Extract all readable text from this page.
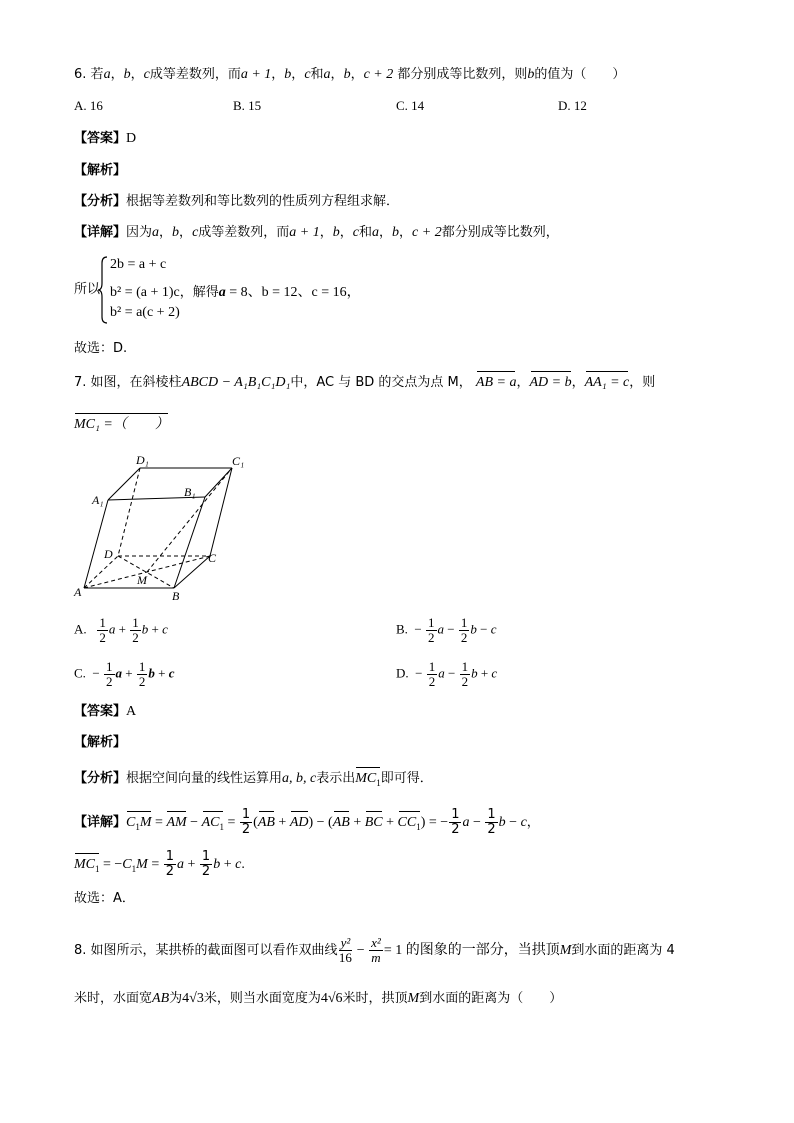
6. 若a，b，c成等差数列，而a + 1，b，c和a，b，c + 2 都分别成等比数列，则b的值为（　　）
A. 16	B. 15	C. 14	D. 12
【答案】D
【解析】
【分析】根据等差数列和等比数列的性质列方程组求解．
【详解】因为a，b，c成等差数列，而a + 1，b，c和a，b，c + 2都分别成等比数列，
所以
2b = a + c
b² = (a + 1)c，解得a = 8、b = 12、c = 16，
b² = a(c + 2)
故选：D.
7. 如图，在斜棱柱ABCD − A₁B₁C₁D₁中，AC 与 BD 的交点为点 M， AB = a，AD = b，AA₁ = c，则
MC₁ =（　　）
D₁	C₁
A₁
B₁
D	C
M
A	B
A. $\frac{1}{2}$ $a + \frac{1}{2}$ b + c	B.  − $\frac{1}{2}$ $a - \frac{1}{2}$ b − c
C.  − $\frac{1}{2}$ $a + \frac{1}{2}$ b + c	D.  − $\frac{1}{2}$ $a - \frac{1}{2}$ b + c
【答案】A
【解析】
【分析】根据空间向量的线性运算用a, b, c表示出$MC_1$即可得．
【详解】$C_1M$ = AM − $AC_1 = \frac{1}{2} (AB + AD) - (AB$ + BC + $CC_1$) = − $\frac{1}{2}$ $a - \frac{1}{2}$ b − c，
$MC_1 = -C_1M = \frac{1}{2}$ $a + \frac{1}{2}$ b + c.
故选：A．
8. 如图所示，某拱桥的截面图可以看作双曲线 $\frac{\text{y²}}{16} - \frac{\text{x²}}{m} = 1$ 的图象的一部分，当拱顶M到水面的距离为 4
米时，水面宽AB为4√3米，则当水面宽度为4√6米时，拱顶M到水面的距离为（　　）
